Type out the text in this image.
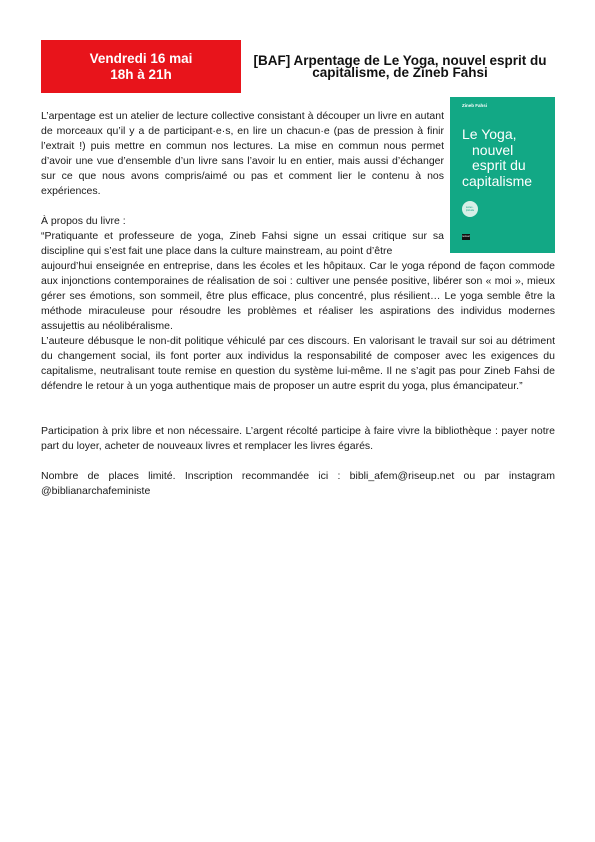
Vendredi 16 mai
18h à 21h
[BAF] Arpentage de Le Yoga, nouvel esprit du capitalisme, de Zineb Fahsi
Zineb Fahsi
Le Yoga,
nouvel
esprit du
capitalisme
textes · prélude
textuel
L’arpentage est un atelier de lecture collective consistant à découper un livre en autant de morceaux qu’il y a de participant·e·s, en lire un chacun·e (pas de pression à finir l’extrait !) puis mettre en commun nos lectures. La mise en commun nous permet d’avoir une vue d’ensemble d’un livre sans l’avoir lu en entier, mais aussi d’échanger sur ce que nous avons compris/aimé ou pas et comment lier le contenu à nos expériences.

À propos du livre :

“Pratiquante et professeure de yoga, Zineb Fahsi signe un essai critique sur sa discipline qui s’est fait une place dans la culture mainstream, au point d’être

aujourd’hui enseignée en entreprise, dans les écoles et les hôpitaux. Car le yoga répond de façon commode aux injonctions contemporaines de réalisation de soi : cultiver une pensée positive, libérer son « moi », mieux gérer ses émotions, son sommeil, être plus efficace, plus concentré, plus résilient… Le yoga semble être la méthode miraculeuse pour résoudre les problèmes et réaliser les aspirations des individus modernes assujettis au néolibéralisme.

L’auteure débusque le non-dit politique véhiculé par ces discours. En valorisant le travail sur soi au détriment du changement social, ils font porter aux individus la responsabilité de composer avec les exigences du capitalisme, neutralisant toute remise en question du système lui-même. Il ne s’agit pas pour Zineb Fahsi de défendre le retour à un yoga authentique mais de proposer un autre esprit du yoga, plus émancipateur.”

Participation à prix libre et non nécessaire. L’argent récolté participe à faire vivre la bibliothèque : payer notre part du loyer, acheter de nouveaux livres et remplacer les livres égarés.
Nombre de places limité. Inscription recommandée ici : bibli_afem@riseup.net ou par instagram @biblianarchafeministe
